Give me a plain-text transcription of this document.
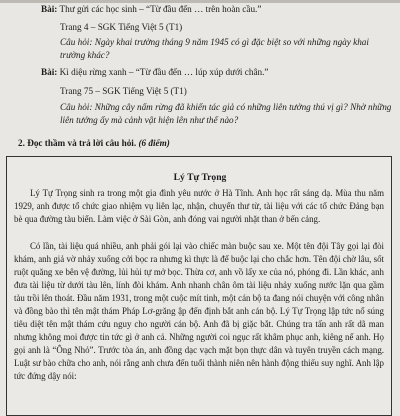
Bài: Thư gửi các học sinh – “Từ đầu đến … trên hoàn cầu.”
Trang 4 – SGK Tiếng Việt 5 (T1)
Câu hỏi: Ngày khai trường tháng 9 năm 1945 có gì đặc biệt so với những ngày khai trường khác?
Bài: Kì diệu rừng xanh – “Từ đầu đến … lúp xúp dưới chân.”
Trang 75 – SGK Tiếng Việt 5 (T1)
Câu hỏi: Những cây nấm rừng đã khiến tác giả có những liên tưởng thú vị gì? Nhờ những liên tưởng ấy mà cảnh vật hiện lên như thế nào?
2. Đọc thầm và trả lời câu hỏi. (6 điểm)
Lý Tự Trọng

Lý Tự Trọng sinh ra trong một gia đình yêu nước ở Hà Tĩnh. Anh học rất sáng dạ. Mùa thu năm 1929, anh được tổ chức giao nhiệm vụ liên lạc, nhận, chuyển thư từ, tài liệu với các tổ chức Đảng bạn bè qua đường tàu biển. Làm việc ở Sài Gòn, anh đóng vai người nhặt than ở bến cảng.

Có lần, tài liệu quá nhiều, anh phải gói lại vào chiếc màn buộc sau xe. Một tên đội Tây gọi lại đòi khám, anh giả vờ nhảy xuống cởi bọc ra nhưng kì thực là để buộc lại cho chắc hơn. Tên đội chờ lâu, sốt ruột quăng xe bên vệ đường, lủi hủi tự mở bọc. Thừa cơ, anh vồ lấy xe của nó, phóng đi. Lần khác, anh đưa tài liệu từ dưới tàu lên, lính đòi khám. Anh nhanh chân ôm tài liệu nhảy xuống nước lặn qua gầm tàu trồi lên thoát. Đầu năm 1931, trong một cuộc mít tinh, một cán bộ ta đang nói chuyện với công nhân và đồng bào thì tên mật thám Pháp Lơ-grăng ập đến định bắt anh cán bộ. Lý Tự Trọng lập tức nổ súng tiêu diệt tên mật thám cứu nguy cho người cán bộ. Anh đã bị giặc bắt. Chúng tra tấn anh rất dã man nhưng không moi được tin tức gì ở anh cả. Những người coi ngục rất khâm phục anh, kiêng nể anh. Họ gọi anh là “Ông Nhỏ”. Trước tòa án, anh đồng dạc vạch mặt bọn thực dân và tuyên truyền cách mạng. Luật sư bào chữa cho anh, nói rằng anh chưa đến tuổi thành niên nên hành động thiếu suy nghĩ. Anh lập tức đứng dậy nói:
